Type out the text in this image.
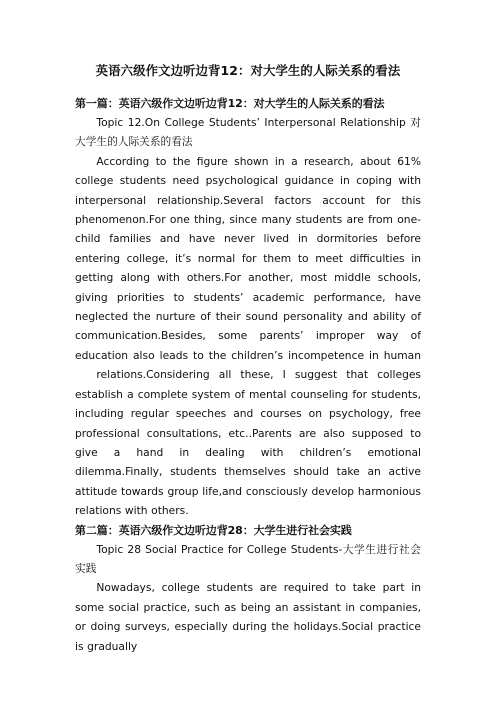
英语六级作文边听边背12：对大学生的人际关系的看法
第一篇：英语六级作文边听边背12：对大学生的人际关系的看法

Topic 12.On College Students’ Interpersonal Relationship 对大学生的人际关系的看法

According to the figure shown in a research, about 61% college students need psychological guidance in coping with interpersonal relationship.Several factors account for this phenomenon.For one thing, since many students are from one-child families and have never lived in dormitories before entering college, it’s normal for them to meet difficulties in getting along with others.For another, most middle schools, giving priorities to students’ academic performance, have neglected the nurture of their sound personality and ability of communication.Besides, some parents’ improper way of education also leads to the children’s incompetence in human

relations.Considering all these, I suggest that colleges establish a complete system of mental counseling for students, including regular speeches and courses on psychology, free professional consultations, etc..Parents are also supposed to give a hand in dealing with children’s emotional dilemma.Finally, students themselves should take an active attitude towards group life,and consciously develop harmonious relations with others.

第二篇：英语六级作文边听边背28：大学生进行社会实践

Topic 28 Social Practice for College Students-大学生进行社会实践

Nowadays, college students are required to take part in some social practice, such as being an assistant in companies, or doing surveys, especially during the holidays.Social practice is gradually
